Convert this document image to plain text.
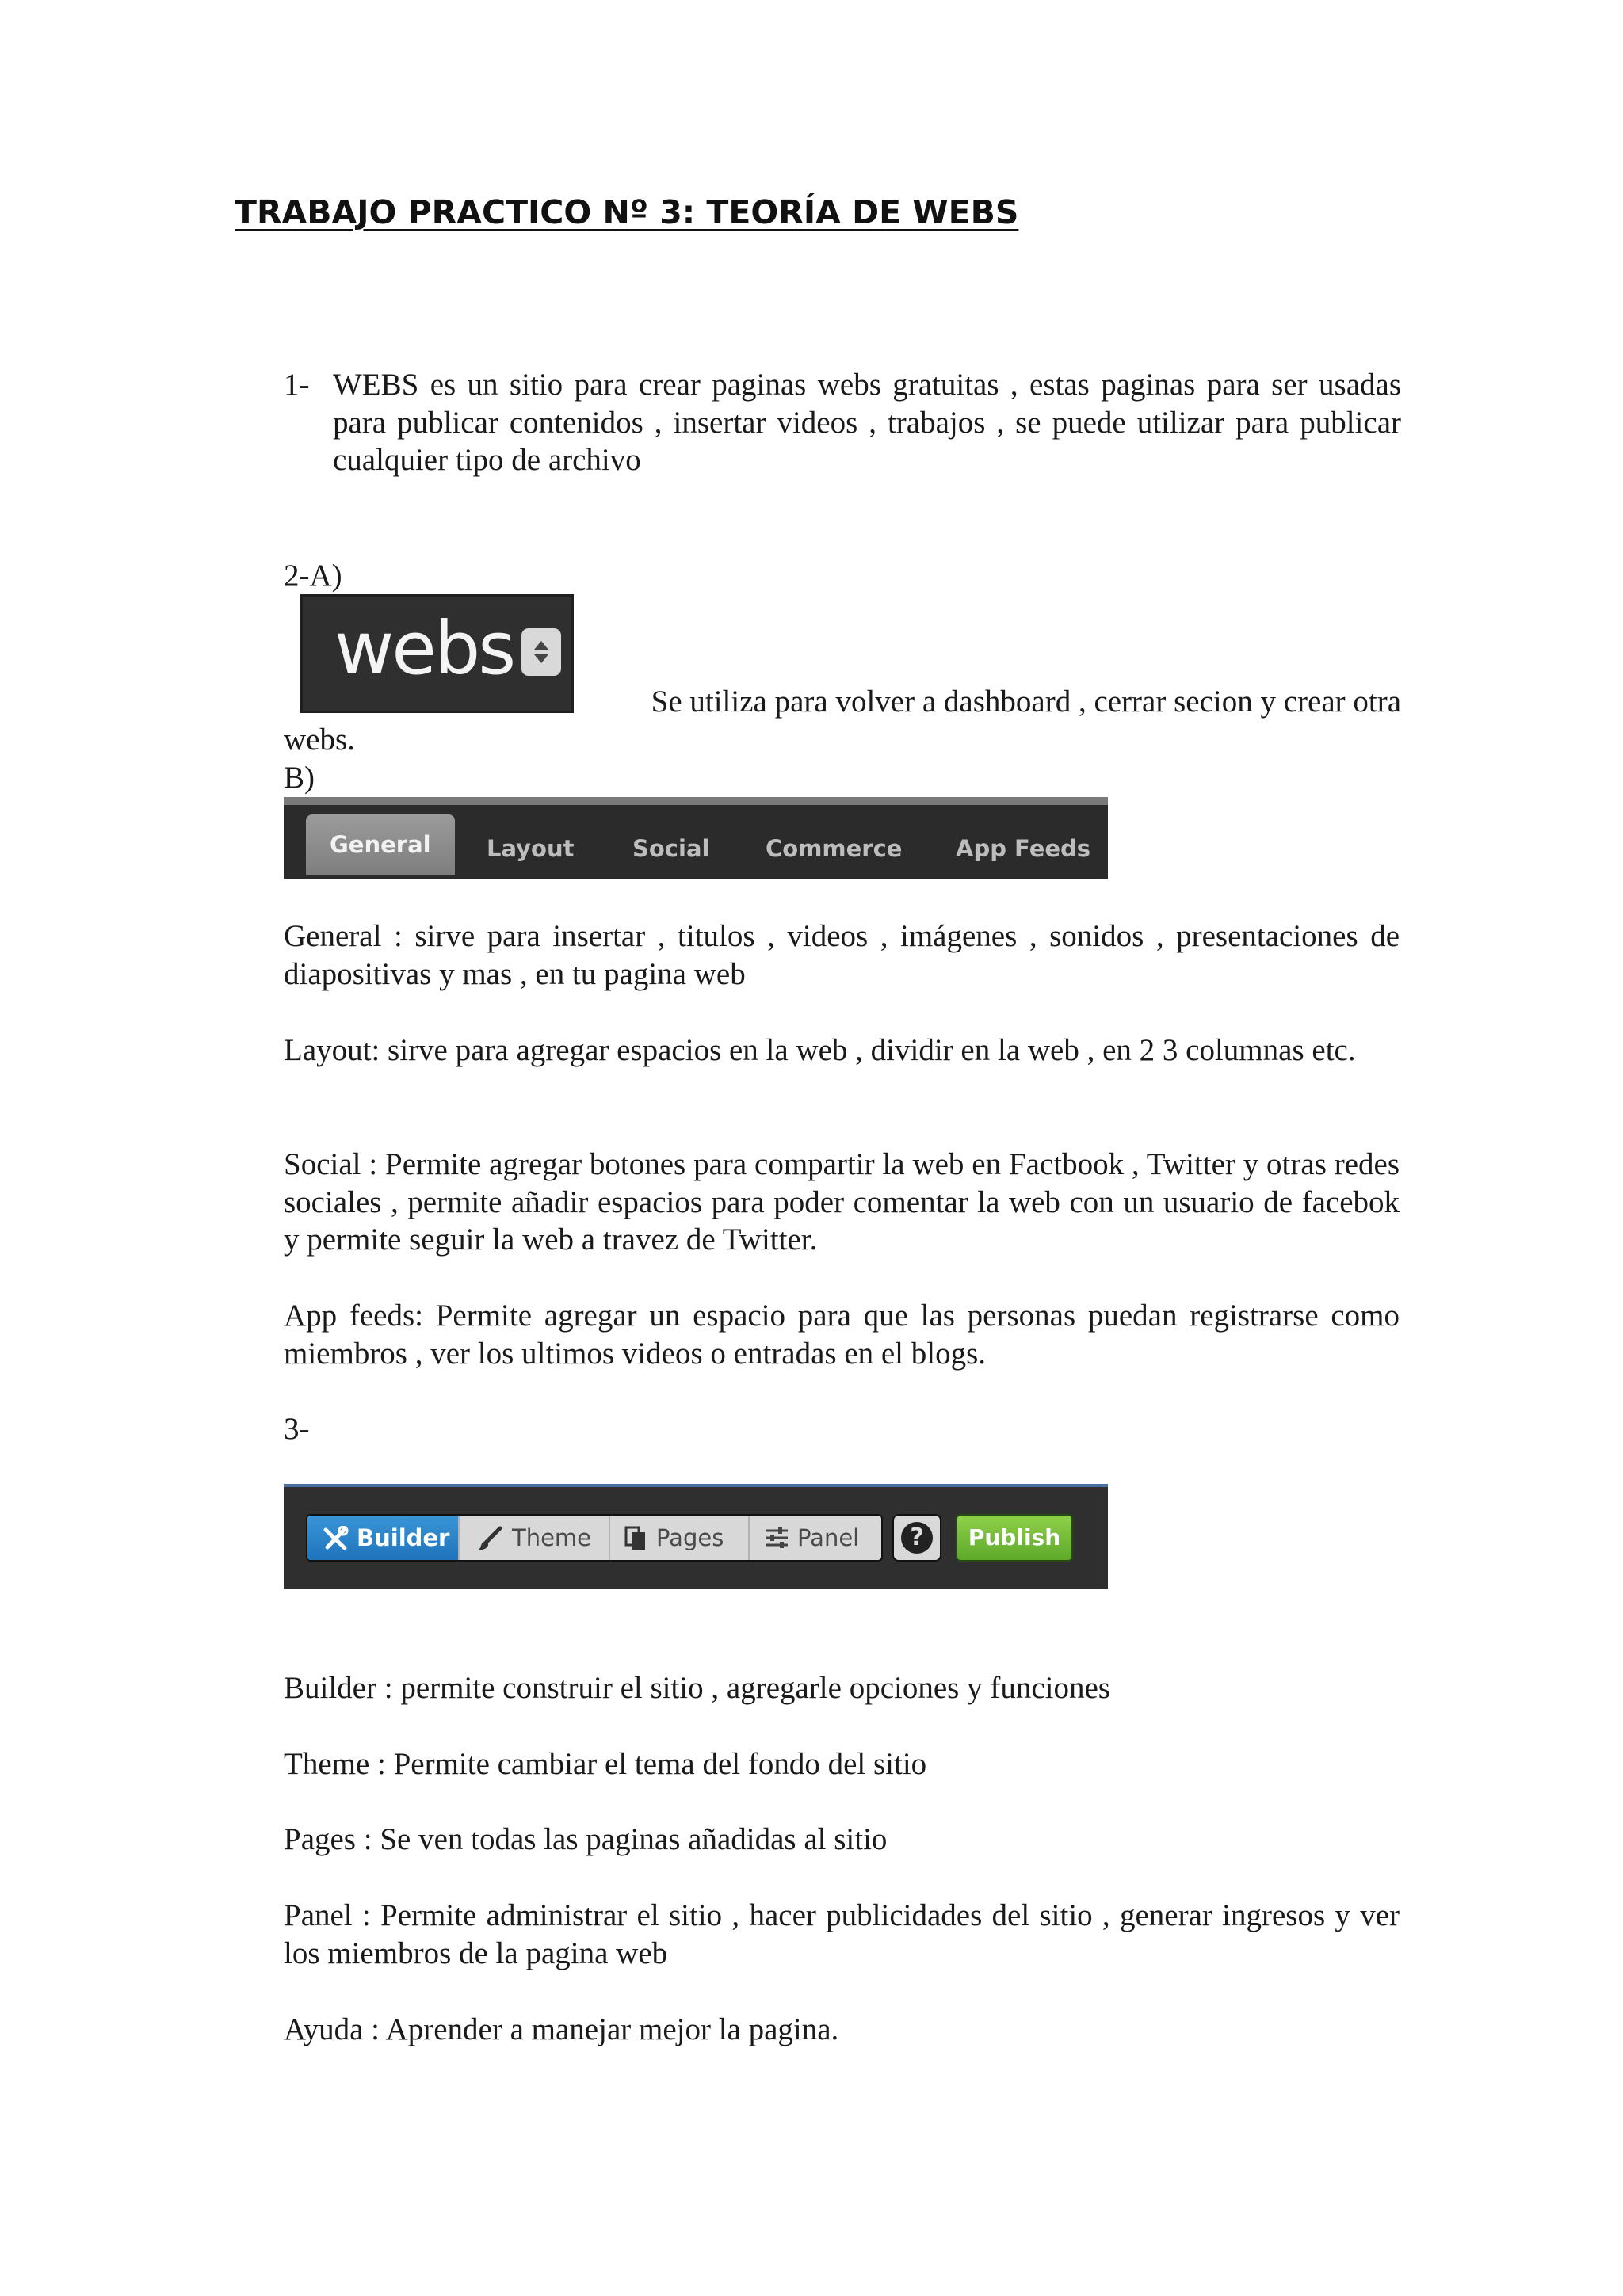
TRABAJO PRACTICO Nº 3: TEORÍA DE WEBS
1- WEBS es un sitio para crear paginas webs gratuitas , estas paginas para ser usadas para publicar contenidos , insertar videos , trabajos , se puede utilizar para publicar cualquier tipo de archivo

2-A)

webs

Se utiliza para volver a dashboard , cerrar secion y crear otra

webs.

B)

General	Layout	Social Commerce App Feeds

General : sirve para insertar , titulos , videos , imágenes , sonidos , presentaciones de diapositivas y mas , en tu pagina web

Layout: sirve para agregar espacios en la web , dividir en la web , en 2 3 columnas etc.

Social : Permite agregar botones para compartir la web en Factbook , Twitter y otras redes sociales , permite añadir espacios para poder comentar la web con un usuario de facebok y permite seguir la web a travez de Twitter.

App feeds: Permite agregar un espacio para que las personas puedan registrarse como miembros , ver los ultimos videos o entradas en el blogs.

3-

Builder	Theme	Pages	Panel	?	Publish

Builder : permite construir el sitio , agregarle opciones y funciones

Theme : Permite cambiar el tema del fondo del sitio

Pages : Se ven todas las paginas añadidas al sitio

Panel : Permite administrar el sitio , hacer publicidades del sitio , generar ingresos y ver los miembros de la pagina web

Ayuda : Aprender a manejar mejor la pagina.
